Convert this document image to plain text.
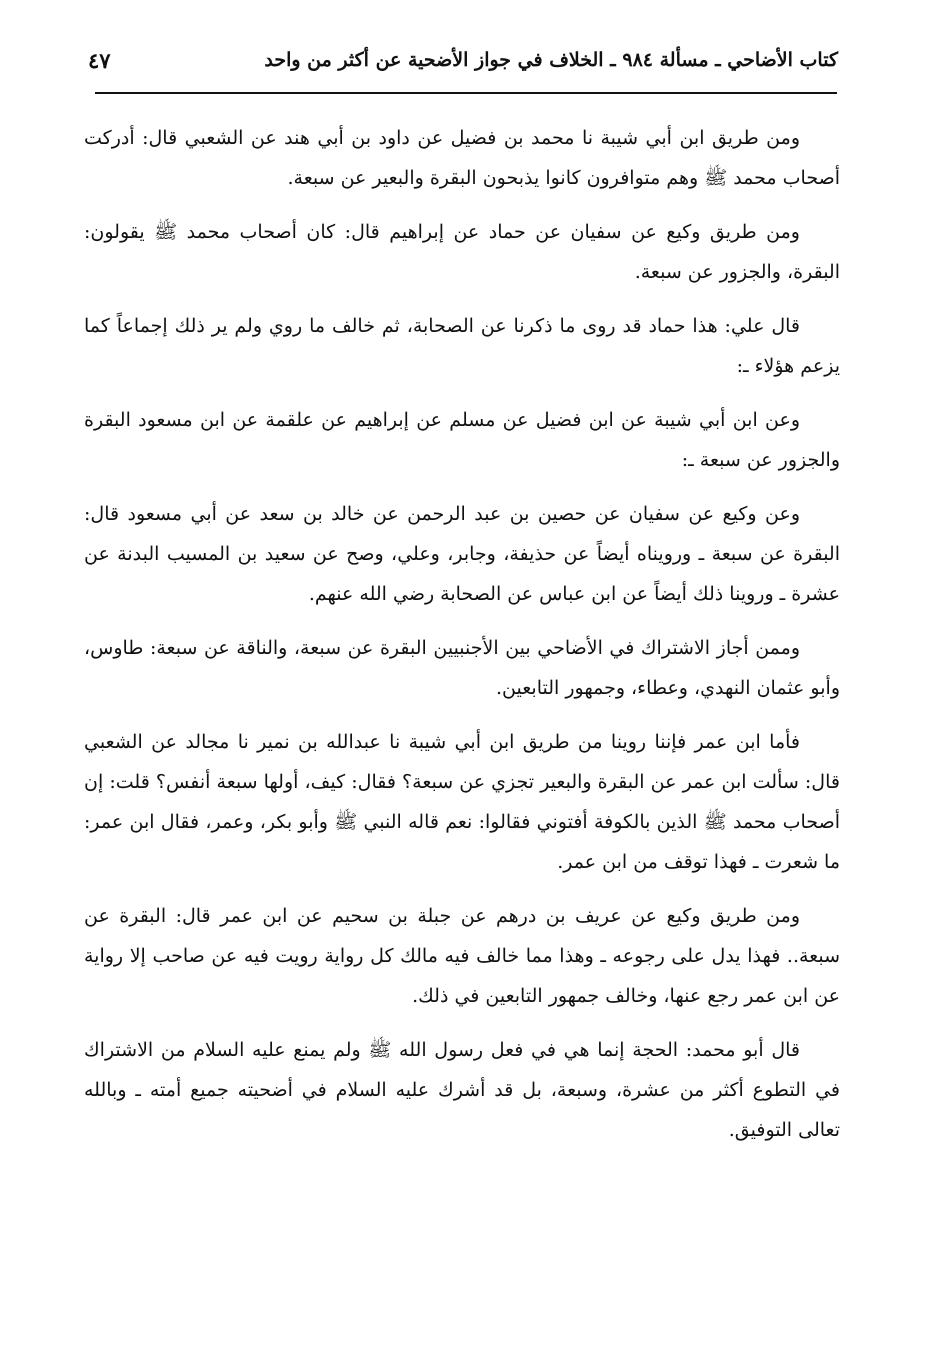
كتاب الأضاحي ـ مسألة ٩٨٤ ـ الخلاف في جواز الأضحية عن أكثر من واحد
٤٧

ومن طريق ابن أبي شيبة نا محمد بن فضيل عن داود بن أبي هند عن الشعبي قال: أدركت أصحاب محمد ﷺ وهم متوافرون كانوا يذبحون البقرة والبعير عن سبعة.

ومن طريق وكيع عن سفيان عن حماد عن إبراهيم قال: كان أصحاب محمد ﷺ يقولون: البقرة، والجزور عن سبعة.

قال علي: هذا حماد قد روى ما ذكرنا عن الصحابة، ثم خالف ما روي ولم ير ذلك إجماعاً كما يزعم هؤلاء ـ:

وعن ابن أبي شيبة عن ابن فضيل عن مسلم عن إبراهيم عن علقمة عن ابن مسعود البقرة والجزور عن سبعة ـ:

وعن وكيع عن سفيان عن حصين بن عبد الرحمن عن خالد بن سعد عن أبي مسعود قال: البقرة عن سبعة ـ ورويناه أيضاً عن حذيفة، وجابر، وعلي، وصح عن سعيد بن المسيب البدنة عن عشرة ـ وروينا ذلك أيضاً عن ابن عباس عن الصحابة رضي الله عنهم.

وممن أجاز الاشتراك في الأضاحي بين الأجنبيين البقرة عن سبعة، والناقة عن سبعة: طاوس، وأبو عثمان النهدي، وعطاء، وجمهور التابعين.

فأما ابن عمر فإننا روينا من طريق ابن أبي شيبة نا عبدالله بن نمير نا مجالد عن الشعبي قال: سألت ابن عمر عن البقرة والبعير تجزي عن سبعة؟ فقال: كيف، أولها سبعة أنفس؟ قلت: إن أصحاب محمد ﷺ الذين بالكوفة أفتوني فقالوا: نعم قاله النبي ﷺ وأبو بكر، وعمر، فقال ابن عمر: ما شعرت ـ فهذا توقف من ابن عمر.

ومن طريق وكيع عن عريف بن درهم عن جبلة بن سحيم عن ابن عمر قال: البقرة عن سبعة.. فهذا يدل على رجوعه ـ وهذا مما خالف فيه مالك كل رواية رويت فيه عن صاحب إلا رواية عن ابن عمر رجع عنها، وخالف جمهور التابعين في ذلك.

قال أبو محمد: الحجة إنما هي في فعل رسول الله ﷺ ولم يمنع عليه السلام من الاشتراك في التطوع أكثر من عشرة، وسبعة، بل قد أشرك عليه السلام في أضحيته جميع أمته ـ وبالله تعالى التوفيق.
